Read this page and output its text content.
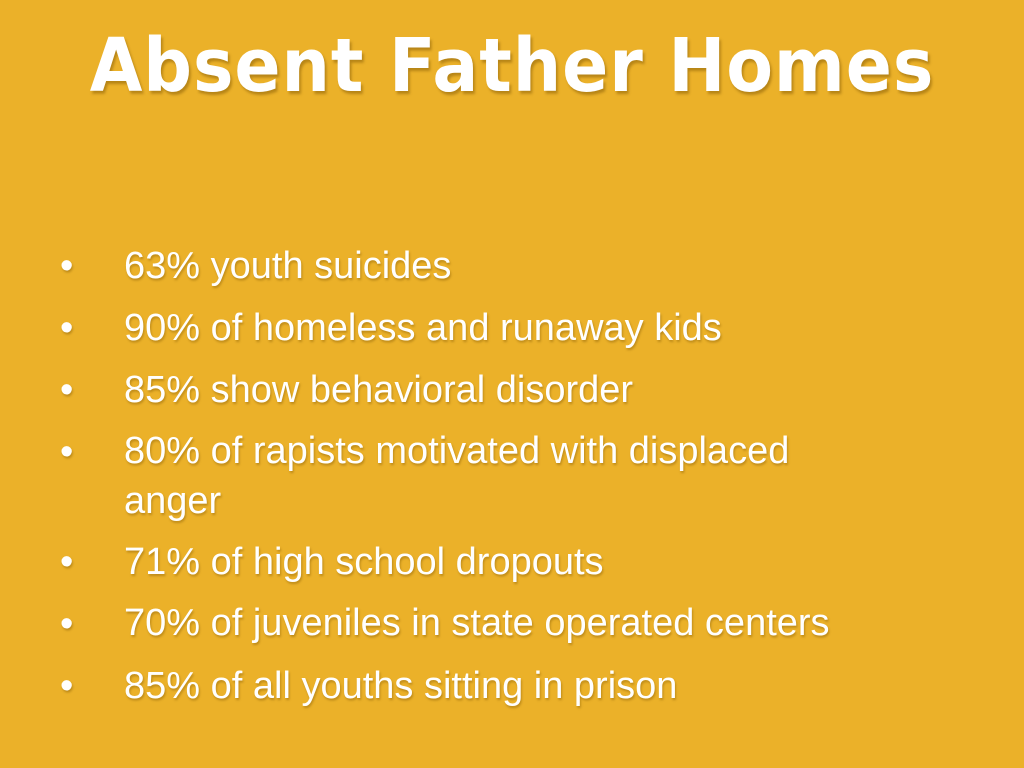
Absent Father Homes
•	63% youth suicides
•	90% of homeless and runaway kids
•	85% show behavioral disorder
•	80% of rapists motivated with displaced anger
•	71% of high school dropouts
•	70% of juveniles in state operated centers
•	85% of all youths sitting in prison
